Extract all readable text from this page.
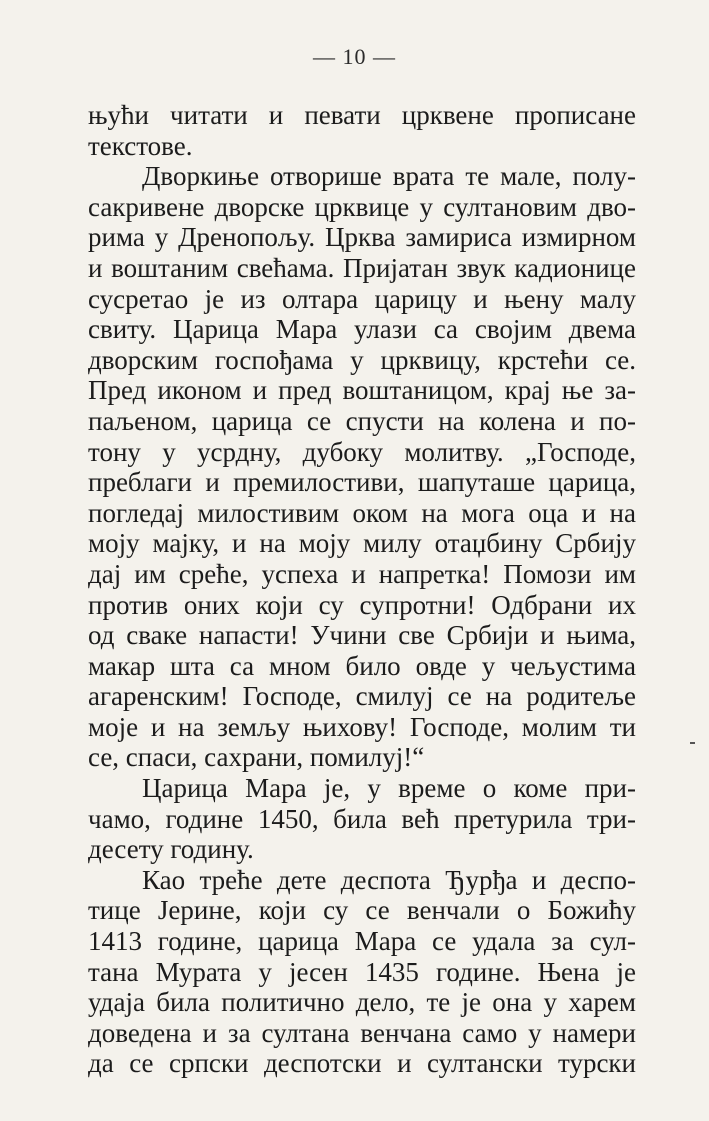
— 10 —
њући читати и певати црквене прописане
текстове.
Дворкиње отворише врата те мале, полу-
сакривене дворске црквице у султановим дво-
рима у Дренопољу. Црква замириса измирном
и воштаним свећама. Пријатан звук кадионице
сусретао је из олтара царицу и њену малу
свиту. Царица Мара улази са својим двема
дворским госпођама у црквицу, крстећи се.
Пред иконом и пред воштаницом, крај ње за-
паљеном, царица се спусти на колена и по-
тону у усрдну, дубоку молитву. „Господе,
преблаги и премилостиви, шапуташе царица,
погледај милостивим оком на мога оца и на
моју мајку, и на моју милу отаџбину Србију
дај им среће, успеха и напретка! Помози им
против оних који су супротни! Одбрани их
од сваке напасти! Учини све Србији и њима,
макар шта са мном било овде у чељустима
агаренским! Господе, смилуј се на родитеље
моје и на земљу њихову! Господе, молим ти
се, спаси, сахрани, помилуј!“
Царица Мара је, у време о коме при-
чамо, године 1450, била већ претурила три-
десету годину.
Као треће дете деспота Ђурђа и деспо-
тице Јерине, који су се венчали о Божићу
1413 године, царица Мара се удала за сул-
тана Мурата у јесен 1435 године. Њена је
удаја била политично дело, те је она у харем
доведена и за султана венчана само у намери
да се српски деспотски и султански турски
